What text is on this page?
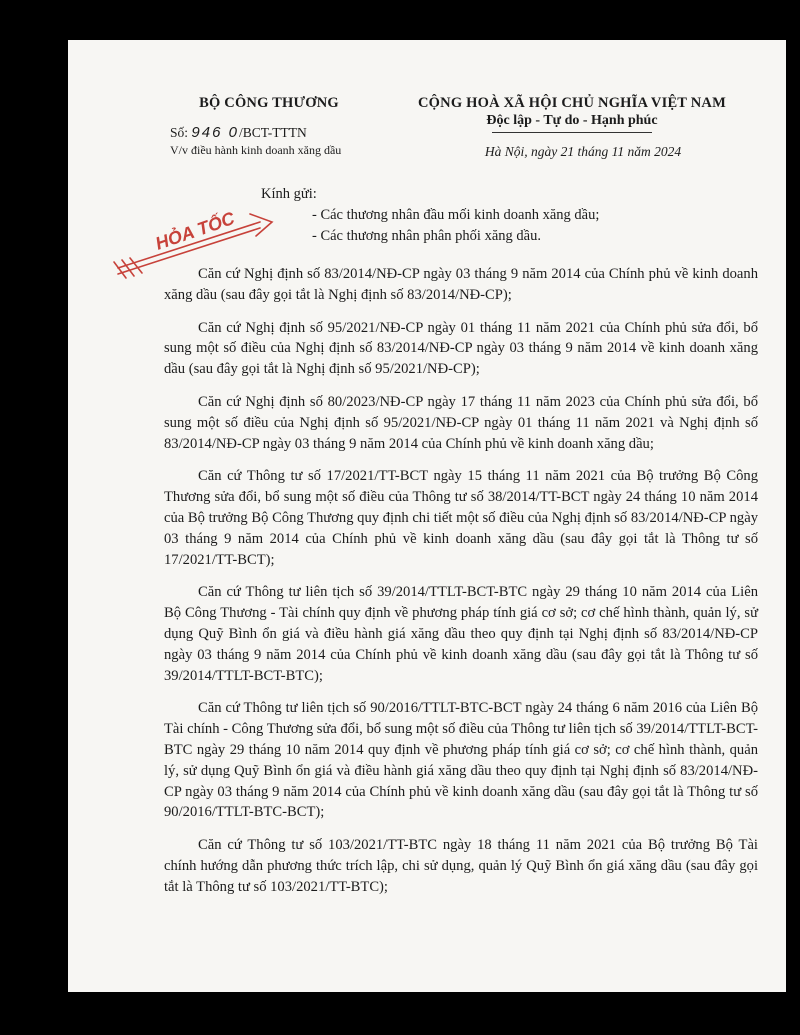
BỘ CÔNG THƯƠNG
Số: 946 0/BCT-TTTN
V/v điều hành kinh doanh xăng dầu
CỘNG HOÀ XÃ HỘI CHỦ NGHĨA VIỆT NAM
Độc lập - Tự do - Hạnh phúc
Hà Nội, ngày 21 tháng 11 năm 2024
HỎA TỐC
Kính gửi:
- Các thương nhân đầu mối kinh doanh xăng dầu;
- Các thương nhân phân phối xăng dầu.

Căn cứ Nghị định số 83/2014/NĐ-CP ngày 03 tháng 9 năm 2014 của Chính phủ về kinh doanh xăng dầu (sau đây gọi tắt là Nghị định số 83/2014/NĐ-CP);

Căn cứ Nghị định số 95/2021/NĐ-CP ngày 01 tháng 11 năm 2021 của Chính phủ sửa đổi, bổ sung một số điều của Nghị định số 83/2014/NĐ-CP ngày 03 tháng 9 năm 2014 về kinh doanh xăng dầu (sau đây gọi tắt là Nghị định số 95/2021/NĐ-CP);

Căn cứ Nghị định số 80/2023/NĐ-CP ngày 17 tháng 11 năm 2023 của Chính phủ sửa đổi, bổ sung một số điều của Nghị định số 95/2021/NĐ-CP ngày 01 tháng 11 năm 2021 và Nghị định số 83/2014/NĐ-CP ngày 03 tháng 9 năm 2014 của Chính phủ về kinh doanh xăng dầu;

Căn cứ Thông tư số 17/2021/TT-BCT ngày 15 tháng 11 năm 2021 của Bộ trưởng Bộ Công Thương sửa đổi, bổ sung một số điều của Thông tư số 38/2014/TT-BCT ngày 24 tháng 10 năm 2014 của Bộ trưởng Bộ Công Thương quy định chi tiết một số điều của Nghị định số 83/2014/NĐ-CP ngày 03 tháng 9 năm 2014 của Chính phủ về kinh doanh xăng dầu (sau đây gọi tắt là Thông tư số 17/2021/TT-BCT);

Căn cứ Thông tư liên tịch số 39/2014/TTLT-BCT-BTC ngày 29 tháng 10 năm 2014 của Liên Bộ Công Thương - Tài chính quy định về phương pháp tính giá cơ sở; cơ chế hình thành, quản lý, sử dụng Quỹ Bình ổn giá và điều hành giá xăng dầu theo quy định tại Nghị định số 83/2014/NĐ-CP ngày 03 tháng 9 năm 2014 của Chính phủ về kinh doanh xăng dầu (sau đây gọi tắt là Thông tư số 39/2014/TTLT-BCT-BTC);

Căn cứ Thông tư liên tịch số 90/2016/TTLT-BTC-BCT ngày 24 tháng 6 năm 2016 của Liên Bộ Tài chính - Công Thương sửa đổi, bổ sung một số điều của Thông tư liên tịch số 39/2014/TTLT-BCT-BTC ngày 29 tháng 10 năm 2014 quy định về phương pháp tính giá cơ sở; cơ chế hình thành, quản lý, sử dụng Quỹ Bình ổn giá và điều hành giá xăng dầu theo quy định tại Nghị định số 83/2014/NĐ-CP ngày 03 tháng 9 năm 2014 của Chính phủ về kinh doanh xăng dầu (sau đây gọi tắt là Thông tư số 90/2016/TTLT-BTC-BCT);

Căn cứ Thông tư số 103/2021/TT-BTC ngày 18 tháng 11 năm 2021 của Bộ trưởng Bộ Tài chính hướng dẫn phương thức trích lập, chi sử dụng, quản lý Quỹ Bình ổn giá xăng dầu (sau đây gọi tắt là Thông tư số 103/2021/TT-BTC);
